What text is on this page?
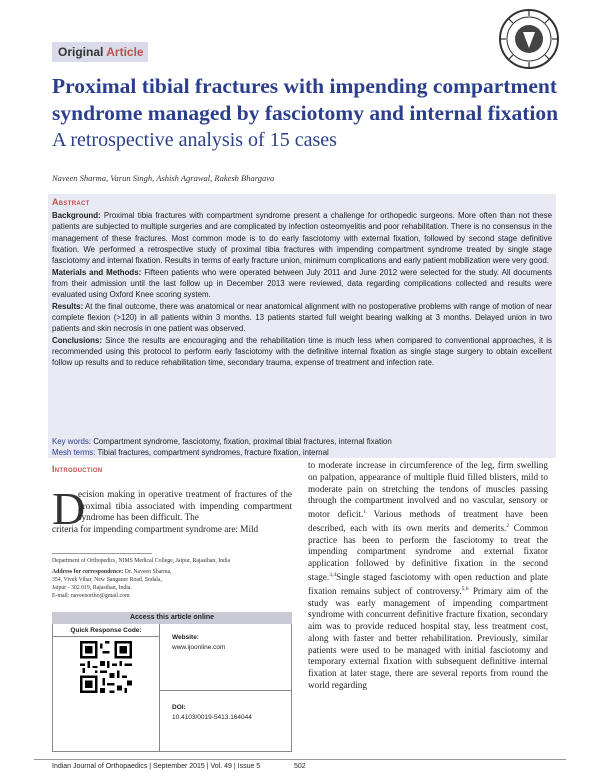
Original Article
Proximal tibial fractures with impending compartment syndrome managed by fasciotomy and internal fixation
A retrospective analysis of 15 cases
Naveen Sharma, Varun Singh, Ashish Agrawal, Rakesh Bhargava
Abstract

Background: Proximal tibia fractures with compartment syndrome present a challenge for orthopedic surgeons. More often than not these patients are subjected to multiple surgeries and are complicated by infection osteomyelitis and poor rehabilitation. There is no consensus in the management of these fractures. Most common mode is to do early fasciotomy with external fixation, followed by second stage definitive fixation. We performed a retrospective study of proximal tibia fractures with impending compartment syndrome treated by single stage fasciotomy and internal fixation. Results in terms of early fracture union, minimum complications and early patient mobilization were very good.

Materials and Methods: Fifteen patients who were operated between July 2011 and June 2012 were selected for the study. All documents from their admission until the last follow up in December 2013 were reviewed, data regarding complications collected and results were evaluated using Oxford Knee scoring system.

Results: At the final outcome, there was anatomical or near anatomical alignment with no postoperative problems with range of motion of near complete flexion (>120) in all patients within 3 months. 13 patients started full weight bearing walking at 3 months. Delayed union in two patients and skin necrosis in one patient was observed.

Conclusions: Since the results are encouraging and the rehabilitation time is much less when compared to conventional approaches, it is recommended using this protocol to perform early fasciotomy with the definitive internal fixation as single stage surgery to obtain excellent follow up results and to reduce rehabilitation time, secondary trauma, expense of treatment and infection rate.

Key words: Compartment syndrome, fasciotomy, fixation, proximal tibial fractures, internal fixation
Mesh terms: Tibial fractures, compartment syndromes, fracture fixation, internal
Introduction
D
ecision making in operative treatment of fractures of the proximal tibia associated with impending compartment syndrome has been difficult. The
criteria for impending compartment syndrome are: Mild
Department of Orthopedics, NIMS Medical College, Jaipur, Rajasthan, India
Address for correspondence: Dr. Naveen Sharma,
354, Vivek Vihar, New Sanganer Road, Sodala,
Jaipur - 302 019, Rajasthan, India.
E-mail: naveenortho@gmail.com
Access this article online
Quick Response Code:
Website:
www.ijoonline.com
DOI:
10.4103/0019-5413.164044
to moderate increase in circumference of the leg, firm swelling on palpation, appearance of multiple fluid filled blisters, mild to moderate pain on stretching the tendons of muscles passing through the compartment involved and no vascular, sensory or motor deficit.$^1$ Various methods of treatment have been described, each with its own merits and demerits.$^2$ Common practice has been to perform the fasciotomy to treat the impending compartment syndrome and external fixator application followed by definitive fixation in the second stage.$^{3,4}$Single staged fasciotomy with open reduction and plate fixation remains subject of controversy.$^{5,6}$ Primary aim of the study was early management of impending compartment syndrome with concurrent definitive fracture fixation, secondary aim was to provide reduced hospital stay, less treatment cost, along with faster and better rehabilitation. Previously, similar patients were used to be managed with initial fasciotomy and temporary external fixation with subsequent definitive internal fixation at later stage, there are several reports from round the world regarding
Indian Journal of Orthopaedics | September 2015 | Vol. 49 | Issue 5	502
